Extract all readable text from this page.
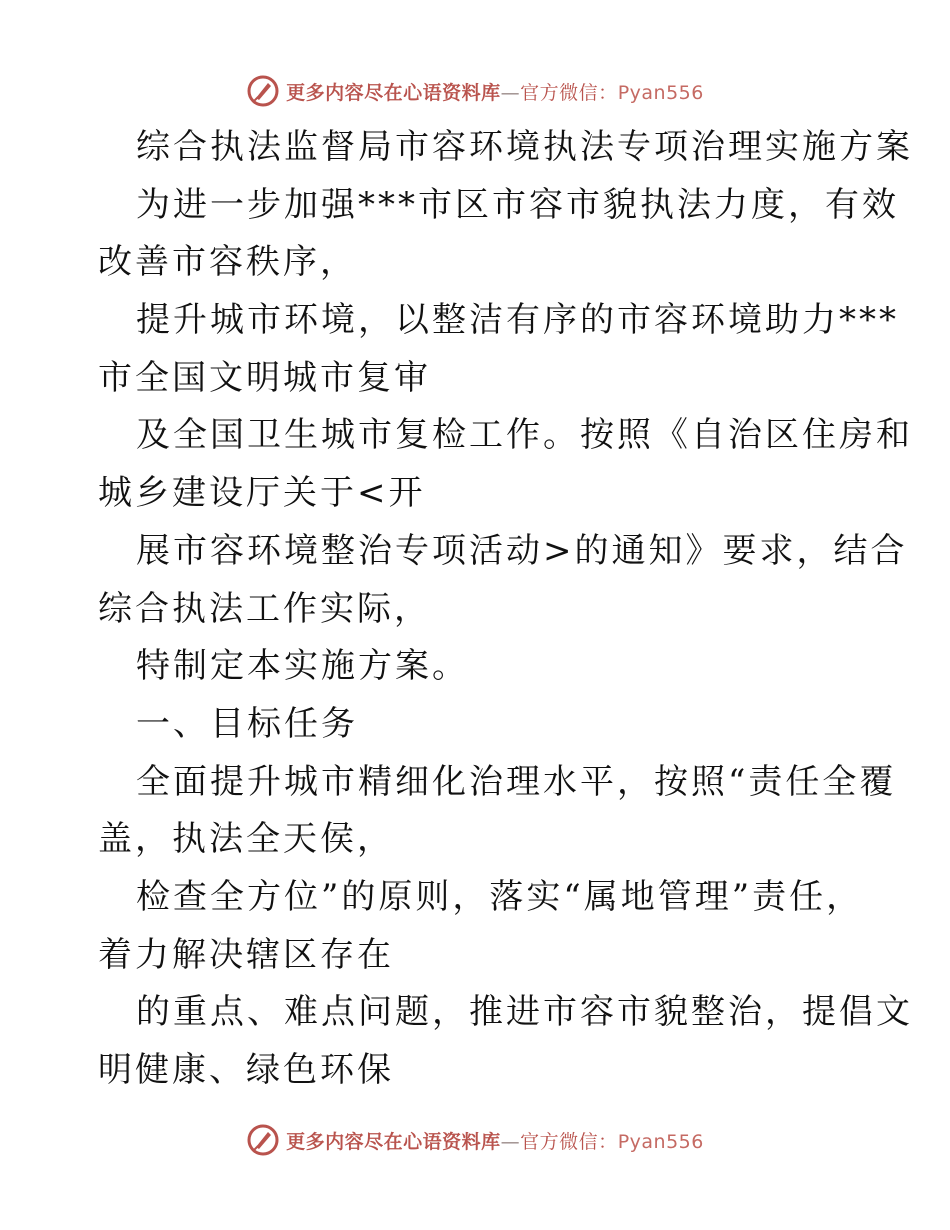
更多内容尽在心语资料库—官方微信：Pyan556
综合执法监督局市容环境执法专项治理实施方案
为进一步加强***市区市容市貌执法力度，有效
改善市容秩序，
提升城市环境，以整洁有序的市容环境助力***
市全国文明城市复审
及全国卫生城市复检工作。按照《自治区住房和
城乡建设厅关于<开
展市容环境整治专项活动>的通知》要求，结合
综合执法工作实际，
特制定本实施方案。
一、目标任务
全面提升城市精细化治理水平，按照“责任全覆
盖，执法全天侯，
检查全方位”的原则，落实“属地管理”责任，
着力解决辖区存在
的重点、难点问题，推进市容市貌整治，提倡文
明健康、绿色环保
更多内容尽在心语资料库—官方微信：Pyan556
